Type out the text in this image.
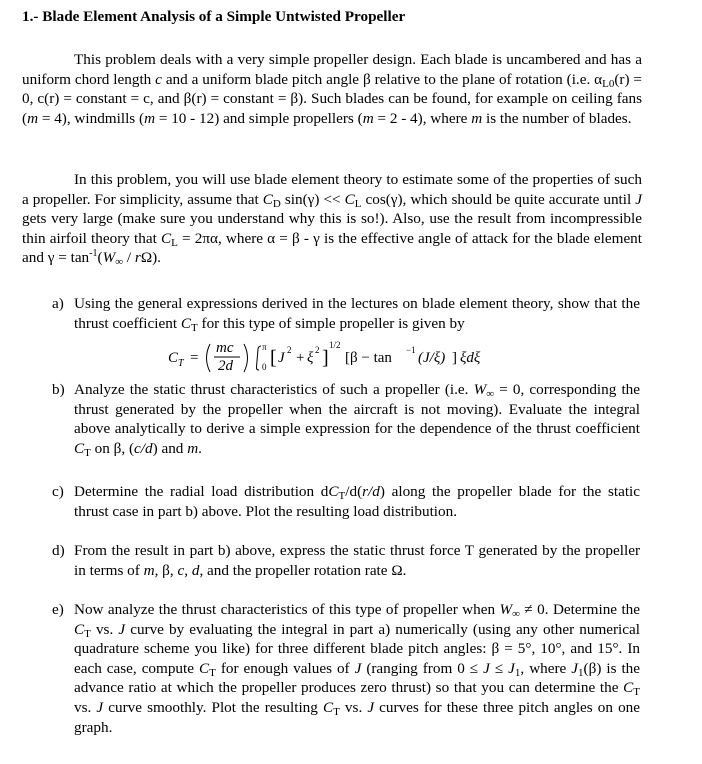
1.- Blade Element Analysis of a Simple Untwisted Propeller
This problem deals with a very simple propeller design. Each blade is uncambered and has a uniform chord length c and a uniform blade pitch angle β relative to the plane of rotation (i.e. $\alpha_{L0}(r) = 0$, c(r) = constant = c, and β(r) = constant = β). Such blades can be found, for example on ceiling fans (m = 4), windmills (m = 10 - 12) and simple propellers (m = 2 - 4), where m is the number of blades.
In this problem, you will use blade element theory to estimate some of the properties of such a propeller. For simplicity, assume that $C_D$ $\sin(\gamma) << C_L$ cos(γ), which should be quite accurate until J gets very large (make sure you understand why this is so!). Also, use the result from incompressible thin airfoil theory that $C_L = 2\pi\alpha$, where α = β - γ is the effective angle of attack for the blade element and $\gamma = \tan^{-1}(W_\infty / r\Omega)$.
a) Using the general expressions derived in the lectures on blade element theory, show that the thrust coefficient $C_T$ for this type of simple propeller is given by
C T =
mc
2d
π
0 [ J 2 + ξ 2 ]
1/2
[β − tan −1 (J/ξ) ] ξdξ
b) Analyze the static thrust characteristics of such a propeller (i.e. $W_\infty = 0$, corresponding the thrust generated by the propeller when the aircraft is not moving). Evaluate the integral above analytically to derive a simple expression for the dependence of the thrust coefficient $C_T$ on β, (c/d) and m.
c) Determine the radial load distribution $dC_T/d(r/d)$ along the propeller blade for the static thrust case in part b) above. Plot the resulting load distribution.
d) From the result in part b) above, express the static thrust force T generated by the propeller in terms of m, β, c, d, and the propeller rotation rate Ω.
e) Now analyze the thrust characteristics of this type of propeller when $W_\infty \ne 0$. Determine the $C_T$ vs. J curve by evaluating the integral in part a) numerically (using any other numerical quadrature scheme you like) for three different blade pitch angles: β = 5°, 10°, and 15°. In each case, compute $C_T$ for enough values of J (ranging from $0 \le J \le J_1$, where $J_1(\beta)$ is the advance ratio at which the propeller produces zero thrust) so that you can determine the $C_T$ vs. J curve smoothly. Plot the resulting $C_T$ vs. J curves for these three pitch angles on one graph.
